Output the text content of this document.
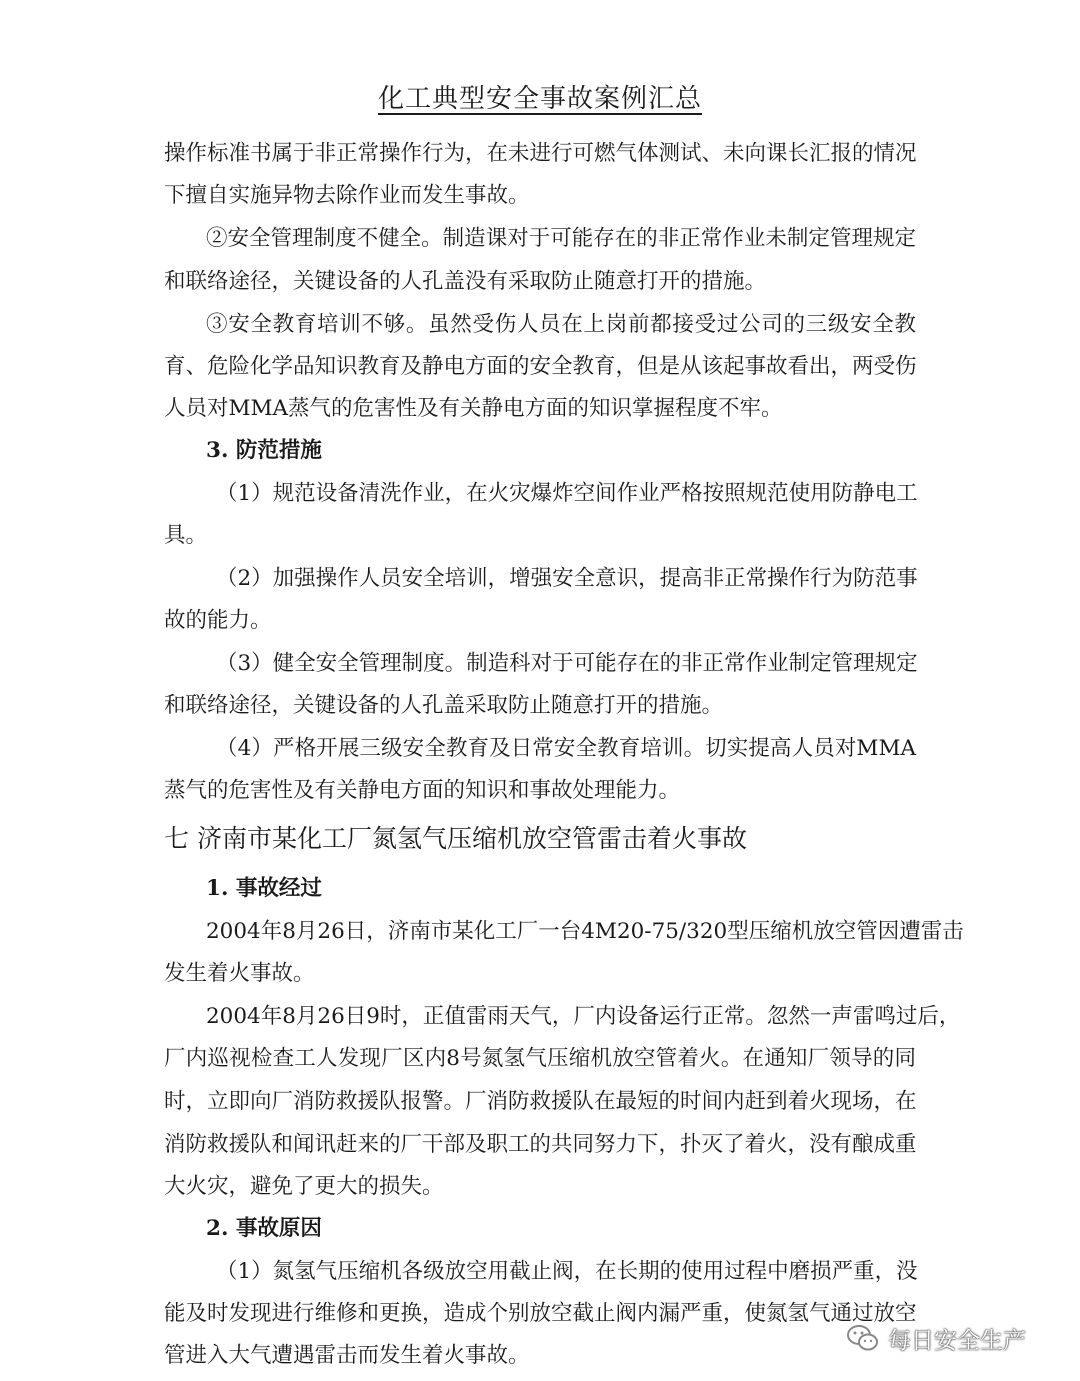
化工典型安全事故案例汇总
操作标准书属于非正常操作行为，在未进行可燃气体测试、未向课长汇报的情况
下擅自实施异物去除作业而发生事故。
②安全管理制度不健全。制造课对于可能存在的非正常作业未制定管理规定
和联络途径，关键设备的人孔盖没有采取防止随意打开的措施。
③安全教育培训不够。虽然受伤人员在上岗前都接受过公司的三级安全教
育、危险化学品知识教育及静电方面的安全教育，但是从该起事故看出，两受伤
人员对MMA蒸气的危害性及有关静电方面的知识掌握程度不牢。
3. 防范措施
（1）规范设备清洗作业，在火灾爆炸空间作业严格按照规范使用防静电工
具。
（2）加强操作人员安全培训，增强安全意识，提高非正常操作行为防范事
故的能力。
（3）健全安全管理制度。制造科对于可能存在的非正常作业制定管理规定
和联络途径，关键设备的人孔盖采取防止随意打开的措施。
（4）严格开展三级安全教育及日常安全教育培训。切实提高人员对MMA
蒸气的危害性及有关静电方面的知识和事故处理能力。
七 济南市某化工厂氮氢气压缩机放空管雷击着火事故
1. 事故经过
2004年8月26日，济南市某化工厂一台4M20-75/320型压缩机放空管因遭雷击
发生着火事故。
2004年8月26日9时，正值雷雨天气，厂内设备运行正常。忽然一声雷鸣过后，
厂内巡视检查工人发现厂区内8号氮氢气压缩机放空管着火。在通知厂领导的同
时，立即向厂消防救援队报警。厂消防救援队在最短的时间内赶到着火现场，在
消防救援队和闻讯赶来的厂干部及职工的共同努力下，扑灭了着火，没有酿成重
大火灾，避免了更大的损失。
2. 事故原因
（1）氮氢气压缩机各级放空用截止阀，在长期的使用过程中磨损严重，没
能及时发现进行维修和更换，造成个别放空截止阀内漏严重，使氮氢气通过放空
管进入大气遭遇雷击而发生着火事故。
每日安全生产
